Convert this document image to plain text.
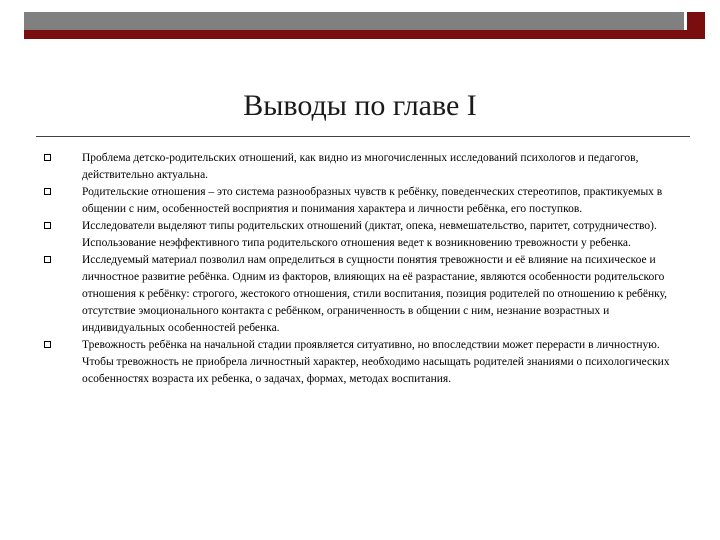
Выводы по главе I
Проблема детско-родительских отношений, как видно из многочисленных исследований психологов и педагогов, действительно актуальна.
Родительские отношения – это система разнообразных чувств к ребёнку, поведенческих стереотипов, практикуемых в общении с ним, особенностей восприятия и понимания характера и личности ребёнка, его поступков.
Исследователи выделяют типы родительских отношений (диктат, опека, невмешательство, паритет, сотрудничество). Использование неэффективного типа родительского отношения ведет к возникновению тревожности у ребенка.
Исследуемый материал позволил нам определиться в сущности понятия тревожности и её влияние на психическое и личностное развитие ребёнка. Одним из факторов, влияющих на её разрастание, являются особенности родительского отношения к ребёнку: строгого, жестокого отношения, стили воспитания, позиция родителей по отношению к ребёнку, отсутствие эмоционального контакта с ребёнком, ограниченность в общении с ним, незнание возрастных и индивидуальных особенностей ребенка.
Тревожность ребёнка на начальной стадии проявляется ситуативно, но впоследствии может перерасти в личностную. Чтобы тревожность не приобрела личностный характер, необходимо насыщать родителей знаниями о психологических особенностях возраста их ребенка, о задачах, формах, методах воспитания.
